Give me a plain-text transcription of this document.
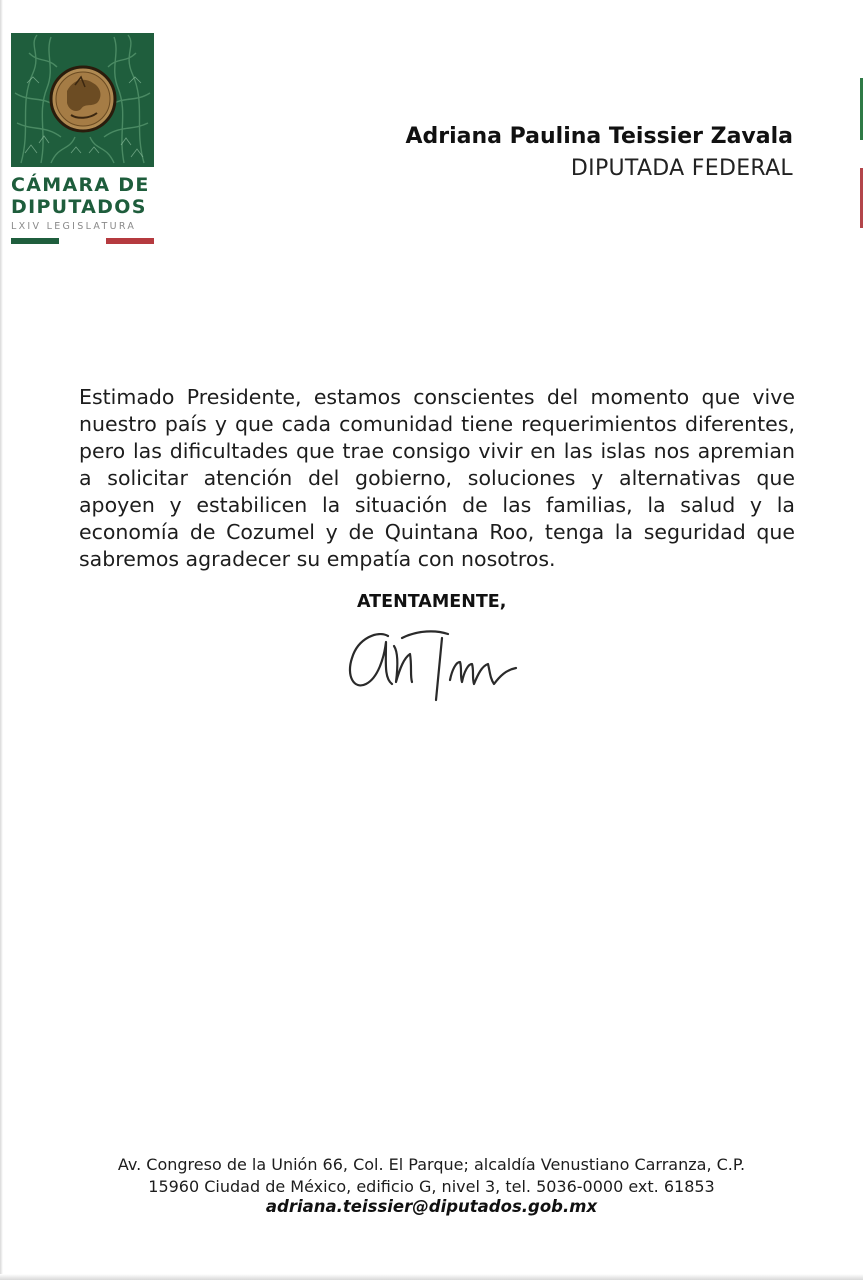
CÁMARA DE
DIPUTADOS
LXIV LEGISLATURA
Adriana Paulina Teissier Zavala
DIPUTADA FEDERAL
Estimado Presidente, estamos conscientes del momento que vive nuestro país y que cada comunidad tiene requerimientos diferentes, pero las dificultades que trae consigo vivir en las islas nos apremian a solicitar atención del gobierno, soluciones y alternativas que apoyen y estabilicen la situación de las familias, la salud y la economía de Cozumel y de Quintana Roo, tenga la seguridad que sabremos agradecer su empatía con nosotros.
ATENTAMENTE,
Av. Congreso de la Unión 66, Col. El Parque; alcaldía Venustiano Carranza, C.P.
15960 Ciudad de México, edificio G, nivel 3, tel. 5036-0000 ext. 61853
adriana.teissier@diputados.gob.mx
